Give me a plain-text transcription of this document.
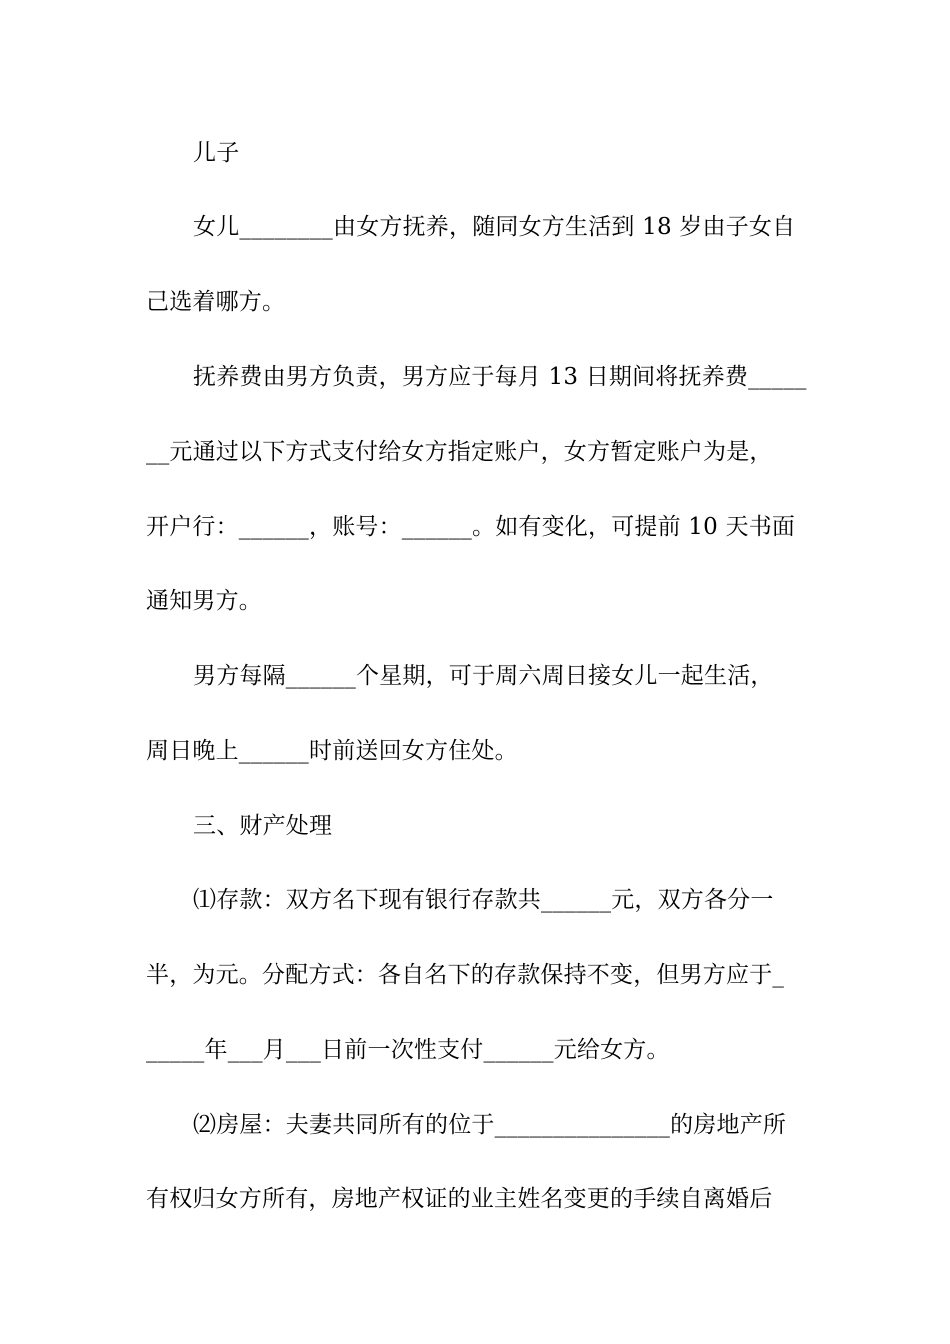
儿子
女儿________由女方抚养，随同女方生活到 18 岁由子女自
己选着哪方。
抚养费由男方负责，男方应于每月 13 日期间将抚养费_____
__元通过以下方式支付给女方指定账户，女方暂定账户为是，
开户行：______，账号：______。如有变化，可提前 10 天书面
通知男方。
男方每隔______个星期，可于周六周日接女儿一起生活，
周日晚上______时前送回女方住处。
三、财产处理
⑴存款：双方名下现有银行存款共______元，双方各分一
半，为元。分配方式：各自名下的存款保持不变，但男方应于_
_____年___月___日前一次性支付______元给女方。
⑵房屋：夫妻共同所有的位于_______________的房地产所
有权归女方所有，房地产权证的业主姓名变更的手续自离婚后
